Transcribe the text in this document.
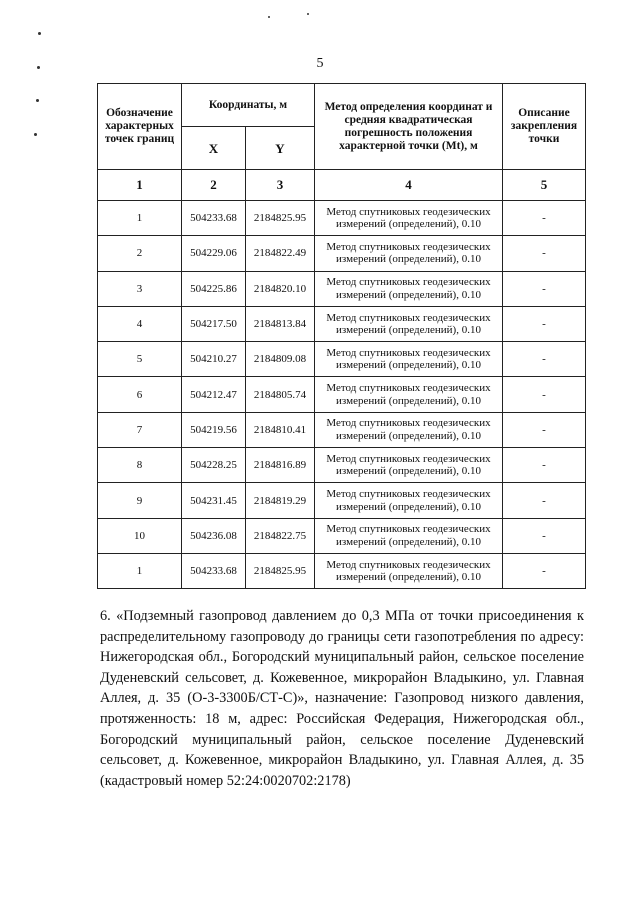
5
Обозначение характерных точек границ	Координаты, м		Метод определения координат и средняя квадратическая погрешность положения характерной точки (Mt), м	Описание закрепления точки
	X	Y		
1	2	3	4	5
1	504233.68	2184825.95	Метод спутниковых геодезических измерений (определений), 0.10	-
2	504229.06	2184822.49	Метод спутниковых геодезических измерений (определений), 0.10	-
3	504225.86	2184820.10	Метод спутниковых геодезических измерений (определений), 0.10	-
4	504217.50	2184813.84	Метод спутниковых геодезических измерений (определений), 0.10	-
5	504210.27	2184809.08	Метод спутниковых геодезических измерений (определений), 0.10	-
6	504212.47	2184805.74	Метод спутниковых геодезических измерений (определений), 0.10	-
7	504219.56	2184810.41	Метод спутниковых геодезических измерений (определений), 0.10	-
8	504228.25	2184816.89	Метод спутниковых геодезических измерений (определений), 0.10	-
9	504231.45	2184819.29	Метод спутниковых геодезических измерений (определений), 0.10	-
10	504236.08	2184822.75	Метод спутниковых геодезических измерений (определений), 0.10	-
1	504233.68	2184825.95	Метод спутниковых геодезических измерений (определений), 0.10	-

6. «Подземный газопровод давлением до 0,3 МПа от точки присоединения к распределительному газопроводу до границы сети газопотребления по адресу: Нижегородская обл., Богородский муниципальный район, сельское поселение Дуденевский сельсовет, д. Кожевенное, микрорайон Владыкино, ул. Главная Аллея, д. 35 (О-3-3300Б/СТ-С)», назначение: Газопровод низкого давления, протяженность: 18 м, адрес: Российская Федерация, Нижегородская обл., Богородский муниципальный район, сельское поселение Дуденевский сельсовет, д. Кожевенное, микрорайон Владыкино, ул. Главная Аллея, д. 35 (кадастровый номер 52:24:0020702:2178)
